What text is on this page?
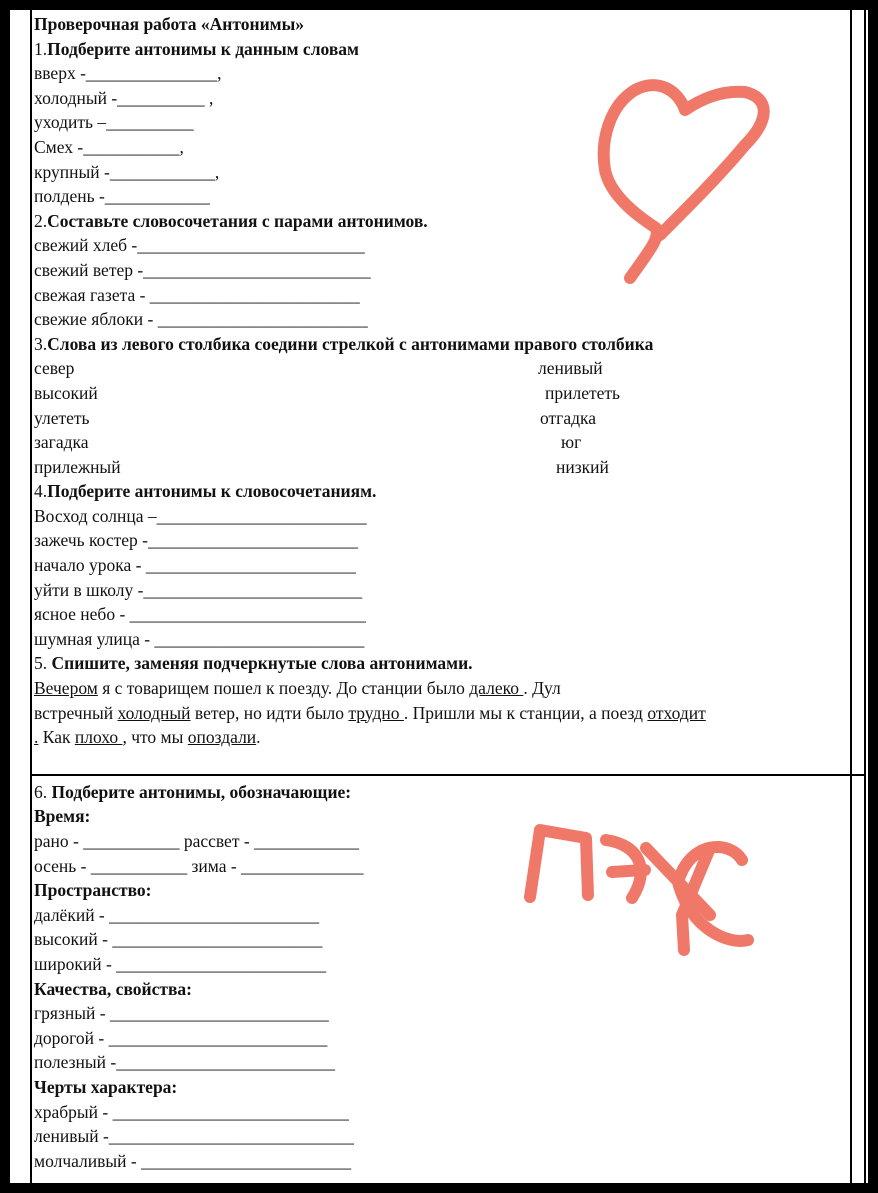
Проверочная работа «Антонимы»
1.Подберите антонимы к данным словам
вверх -_______________,
холодный -__________ ,
уходить –__________
Смех -___________,
крупный -____________,
полдень -____________
2.Составьте словосочетания с парами антонимов.
свежий хлеб -__________________________
свежий ветер -__________________________
свежая газета - ________________________
свежие яблоки - ________________________
3.Слова из левого столбика соедини стрелкой с антонимами правого столбика
север	ленивый
высокий	прилететь
улететь	отгадка
загадка	юг
прилежный	низкий
4.Подберите антонимы к словосочетаниям.
Восход солнца –________________________
зажечь костер -________________________
начало урока - ________________________
уйти в школу -_________________________
ясное небо - ___________________________
шумная улица - ________________________
5. Спишите, заменяя подчеркнутые слова антонимами.
Вечером я с товарищем пошел к поезду. До станции было далеко . Дул
встречный холодный ветер, но идти было трудно . Пришли мы к станции, а поезд отходит
. Как плохо , что мы опоздали.
6. Подберите антонимы, обозначающие:
Время:
рано - ___________ рассвет - ____________
осень - ___________ зима - ______________
Пространство:
далёкий - ________________________
высокий - ________________________
широкий - ________________________
Качества, свойства:
грязный - _________________________
дорогой - _________________________
полезный -_________________________
Черты характера:
храбрый - ___________________________
ленивый -____________________________
молчаливый - ________________________
